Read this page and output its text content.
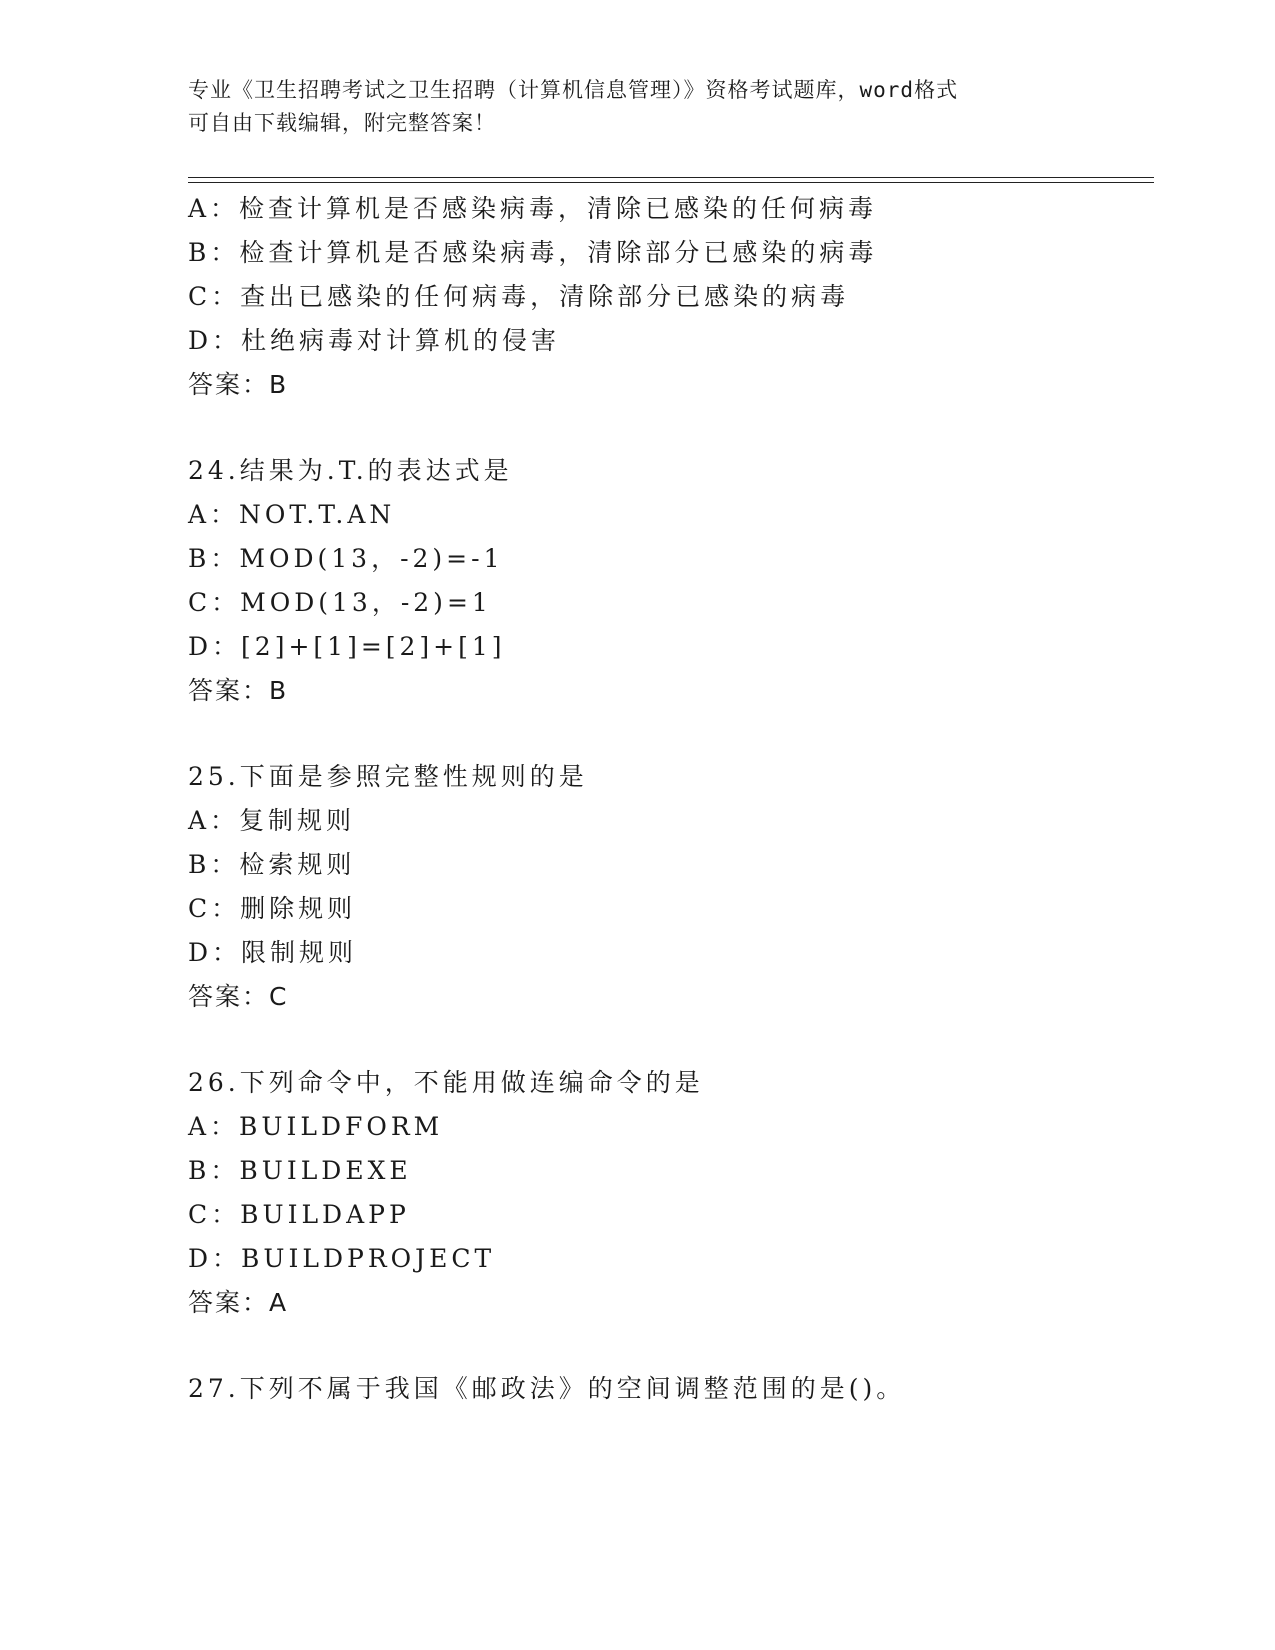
专业《卫生招聘考试之卫生招聘（计算机信息管理）》资格考试题库，word格式
可自由下载编辑，附完整答案！
A：检查计算机是否感染病毒，清除已感染的任何病毒
B：检查计算机是否感染病毒，清除部分已感染的病毒
C：查出已感染的任何病毒，清除部分已感染的病毒
D：杜绝病毒对计算机的侵害
答案：B
24.结果为.T.的表达式是
A：NOT.T.AN
B：MOD(13，-2)=-1
C：MOD(13，-2)=1
D：[2]+[1]=[2]+[1]
答案：B
25.下面是参照完整性规则的是
A：复制规则
B：检索规则
C：删除规则
D：限制规则
答案：C
26.下列命令中，不能用做连编命令的是
A：BUILDFORM
B：BUILDEXE
C：BUILDAPP
D：BUILDPROJECT
答案：A
27.下列不属于我国《邮政法》的空间调整范围的是()。
